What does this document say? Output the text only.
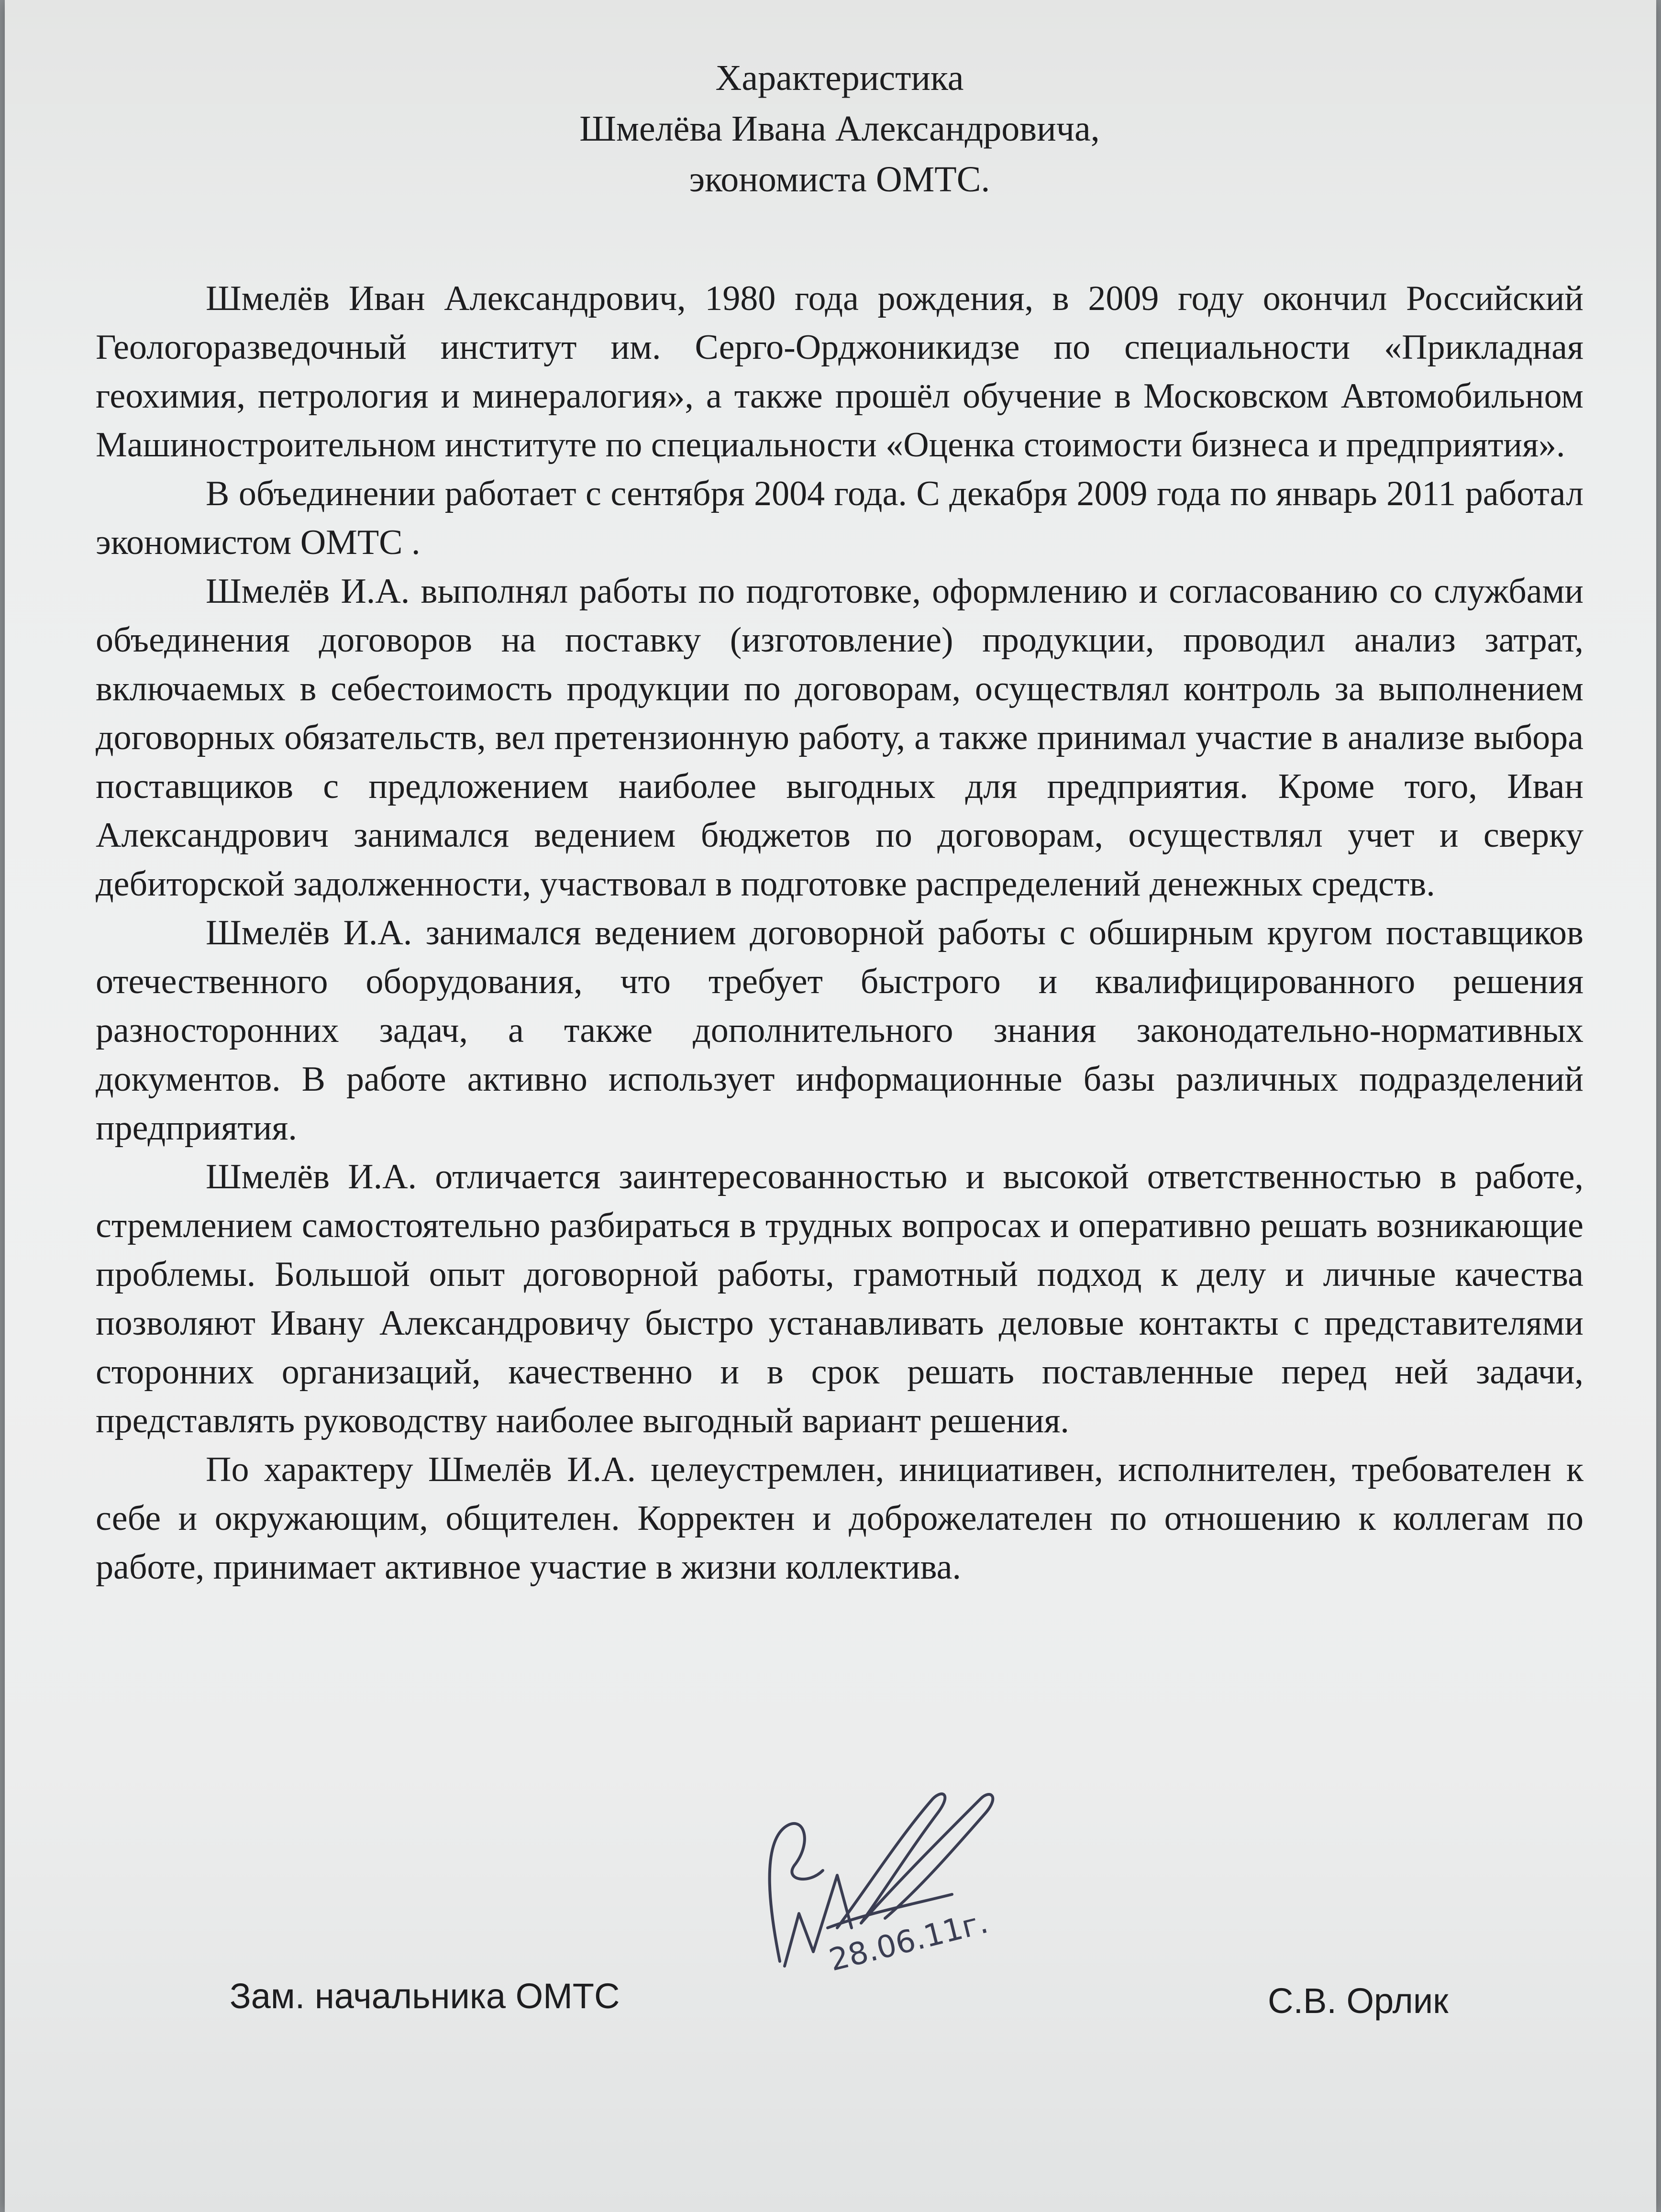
Характеристика

Шмелёва Ивана Александровича,

экономиста ОМТС.

Шмелёв Иван Александрович, 1980 года рождения, в 2009 году окончил Российский Геологоразведочный институт им. Серго-Орджоникидзе по специальности «Прикладная геохимия, петрология и минералогия», а также прошёл обучение в Московском Автомобильном Машиностроительном институте по специальности «Оценка стоимости бизнеса и предприятия».

В объединении работает с сентября 2004 года. С декабря 2009 года по январь 2011 работал экономистом ОМТС .

Шмелёв И.А. выполнял работы по подготовке, оформлению и согласованию со службами объединения договоров на поставку (изготовление) продукции, проводил анализ затрат, включаемых в себестоимость продукции по договорам, осуществлял контроль за выполнением договорных обязательств, вел претензионную работу, а также принимал участие в анализе выбора поставщиков с предложением наиболее выгодных для предприятия. Кроме того, Иван Александрович занимался ведением бюджетов по договорам, осуществлял учет и сверку дебиторской задолженности, участвовал в подготовке распределений денежных средств.

Шмелёв И.А. занимался ведением договорной работы с обширным кругом поставщиков отечественного оборудования, что требует быстрого и квалифицированного решения разносторонних задач, а также дополнительного знания законодательно-нормативных документов. В работе активно использует информационные базы различных подразделений предприятия.

Шмелёв И.А. отличается заинтересованностью и высокой ответственностью в работе, стремлением самостоятельно разбираться в трудных вопросах и оперативно решать возникающие проблемы. Большой опыт договорной работы, грамотный подход к делу и личные качества позволяют Ивану Александровичу быстро устанавливать деловые контакты с представителями сторонних организаций, качественно и в срок решать поставленные перед ней задачи, представлять руководству наиболее выгодный вариант решения.

По характеру Шмелёв И.А. целеустремлен, инициативен, исполнителен, требователен к себе и окружающим, общителен. Корректен и доброжелателен по отношению к коллегам по работе, принимает активное участие в жизни коллектива.

Зам. начальника ОМТС	С.В. Орлик
28.06.11г.
